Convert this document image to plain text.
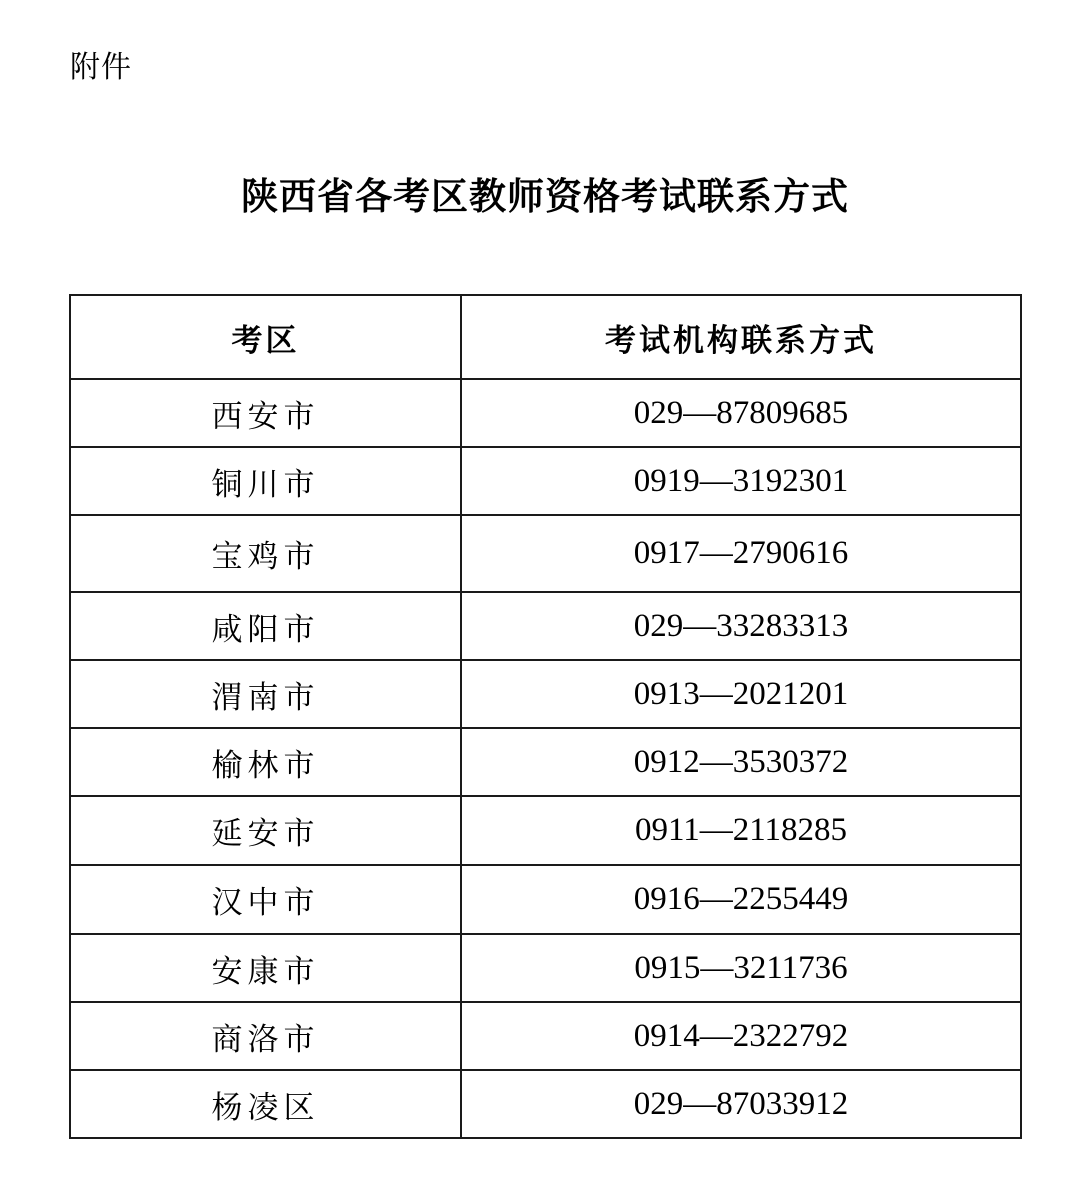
附件
陕西省各考区教师资格考试联系方式
考区	考试机构联系方式
西安市	029—87809685
铜川市	0919—3192301
宝鸡市	0917—2790616
咸阳市	029—33283313
渭南市	0913—2021201
榆林市	0912—3530372
延安市	0911—2118285
汉中市	0916—2255449
安康市	0915—3211736
商洛市	0914—2322792
杨凌区	029—87033912
